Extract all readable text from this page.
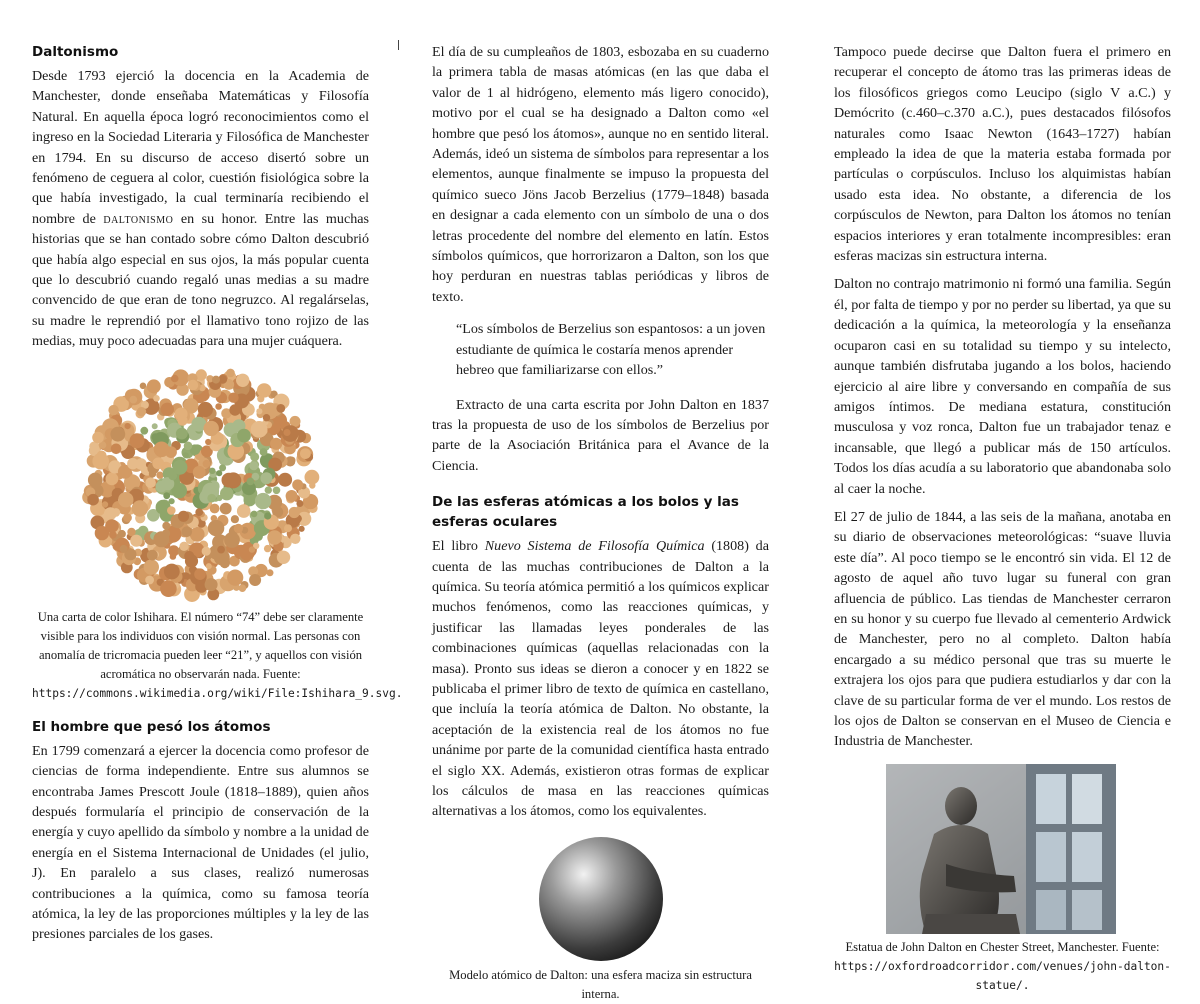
Daltonismo

Desde 1793 ejerció la docencia en la Academia de Manchester, donde enseñaba Matemáticas y Filosofía Natural. En aquella época logró reconocimientos como el ingreso en la Sociedad Literaria y Filosófica de Manchester en 1794. En su discurso de acceso disertó sobre un fenómeno de ceguera al color, cuestión fisiológica sobre la que había investigado, la cual terminaría recibiendo el nombre de daltonismo en su honor. Entre las muchas historias que se han contado sobre cómo Dalton descubrió que había algo especial en sus ojos, la más popular cuenta que lo descubrió cuando regaló unas medias a su madre convencido de que eran de tono negruzco. Al regalárselas, su madre le reprendió por el llamativo tono rojizo de las medias, muy poco adecuadas para una mujer cuáquera.

Una carta de color Ishihara. El número “74” debe ser claramente visible para los individuos con visión normal. Las personas con anomalía de tricromacia pueden leer “21”, y aquellos con visión acromática no observarán nada. Fuente:
https://commons.wikimedia.org/wiki/File:Ishihara_9.svg.

El hombre que pesó los átomos

En 1799 comenzará a ejercer la docencia como profesor de ciencias de forma independiente. Entre sus alumnos se encontraba James Prescott Joule (1818–1889), quien años después formularía el principio de conservación de la energía y cuyo apellido da símbolo y nombre a la unidad de energía en el Sistema Internacional de Unidades (el julio, J). En paralelo a sus clases, realizó numerosas contribuciones a la química, como su famosa teoría atómica, la ley de las proporciones múltiples y la ley de las presiones parciales de los gases.

El día de su cumpleaños de 1803, esbozaba en su cuaderno la primera tabla de masas atómicas (en las que daba el valor de 1 al hidrógeno, elemento más ligero conocido), motivo por el cual se ha designado a Dalton como «el hombre que pesó los átomos», aunque no en sentido literal. Además, ideó un sistema de símbolos para representar a los elementos, aunque finalmente se impuso la propuesta del químico sueco Jöns Jacob Berzelius (1779–1848) basada en designar a cada elemento con un símbolo de una o dos letras procedente del nombre del elemento en latín. Estos símbolos químicos, que horrorizaron a Dalton, son los que hoy perduran en nuestras tablas periódicas y libros de texto.

“Los símbolos de Berzelius son espantosos: a un joven estudiante de química le costaría menos aprender hebreo que familiarizarse con ellos.”

Extracto de una carta escrita por John Dalton en 1837 tras la propuesta de uso de los símbolos de Berzelius por parte de la Asociación Británica para el Avance de la Ciencia.

De las esferas atómicas a los bolos y las esferas oculares

El libro Nuevo Sistema de Filosofía Química (1808) da cuenta de las muchas contribuciones de Dalton a la química. Su teoría atómica permitió a los químicos explicar muchos fenómenos, como las reacciones químicas, y justificar las llamadas leyes ponderales de las combinaciones químicas (aquellas relacionadas con la masa). Pronto sus ideas se dieron a conocer y en 1822 se publicaba el primer libro de texto de química en castellano, que incluía la teoría atómica de Dalton. No obstante, la aceptación de la existencia real de los átomos no fue unánime por parte de la comunidad científica hasta entrado el siglo XX. Además, existieron otras formas de explicar los cálculos de masa en las reacciones químicas alternativas a los átomos, como los equivalentes.

Modelo atómico de Dalton: una esfera maciza sin estructura interna.

Tampoco puede decirse que Dalton fuera el primero en recuperar el concepto de átomo tras las primeras ideas de los filosóficos griegos como Leucipo (siglo V a.C.) y Demócrito (c.460–c.370 a.C.), pues destacados filósofos naturales como Isaac Newton (1643–1727) habían empleado la idea de que la materia estaba formada por partículas o corpúsculos. Incluso los alquimistas habían usado esta idea. No obstante, a diferencia de los corpúsculos de Newton, para Dalton los átomos no tenían espacios interiores y eran totalmente incompresibles: eran esferas macizas sin estructura interna.

Dalton no contrajo matrimonio ni formó una familia. Según él, por falta de tiempo y por no perder su libertad, ya que su dedicación a la química, la meteorología y la enseñanza ocuparon casi en su totalidad su tiempo y su intelecto, aunque también disfrutaba jugando a los bolos, haciendo ejercicio al aire libre y conversando en compañía de sus amigos íntimos. De mediana estatura, constitución musculosa y voz ronca, Dalton fue un trabajador tenaz e incansable, que llegó a publicar más de 150 artículos. Todos los días acudía a su laboratorio que abandonaba solo al caer la noche.

El 27 de julio de 1844, a las seis de la mañana, anotaba en su diario de observaciones meteorológicas: “suave lluvia este día”. Al poco tiempo se le encontró sin vida. El 12 de agosto de aquel año tuvo lugar su funeral con gran afluencia de público. Las tiendas de Manchester cerraron en su honor y su cuerpo fue llevado al cementerio Ardwick de Manchester, pero no al completo. Dalton había encargado a su médico personal que tras su muerte le extrajera los ojos para que pudiera estudiarlos y dar con la clave de su particular forma de ver el mundo. Los restos de los ojos de Dalton se conservan en el Museo de Ciencia e Industria de Manchester.

Estatua de John Dalton en Chester Street, Manchester. Fuente:
https://oxfordroadcorridor.com/venues/john-dalton-statue/.
